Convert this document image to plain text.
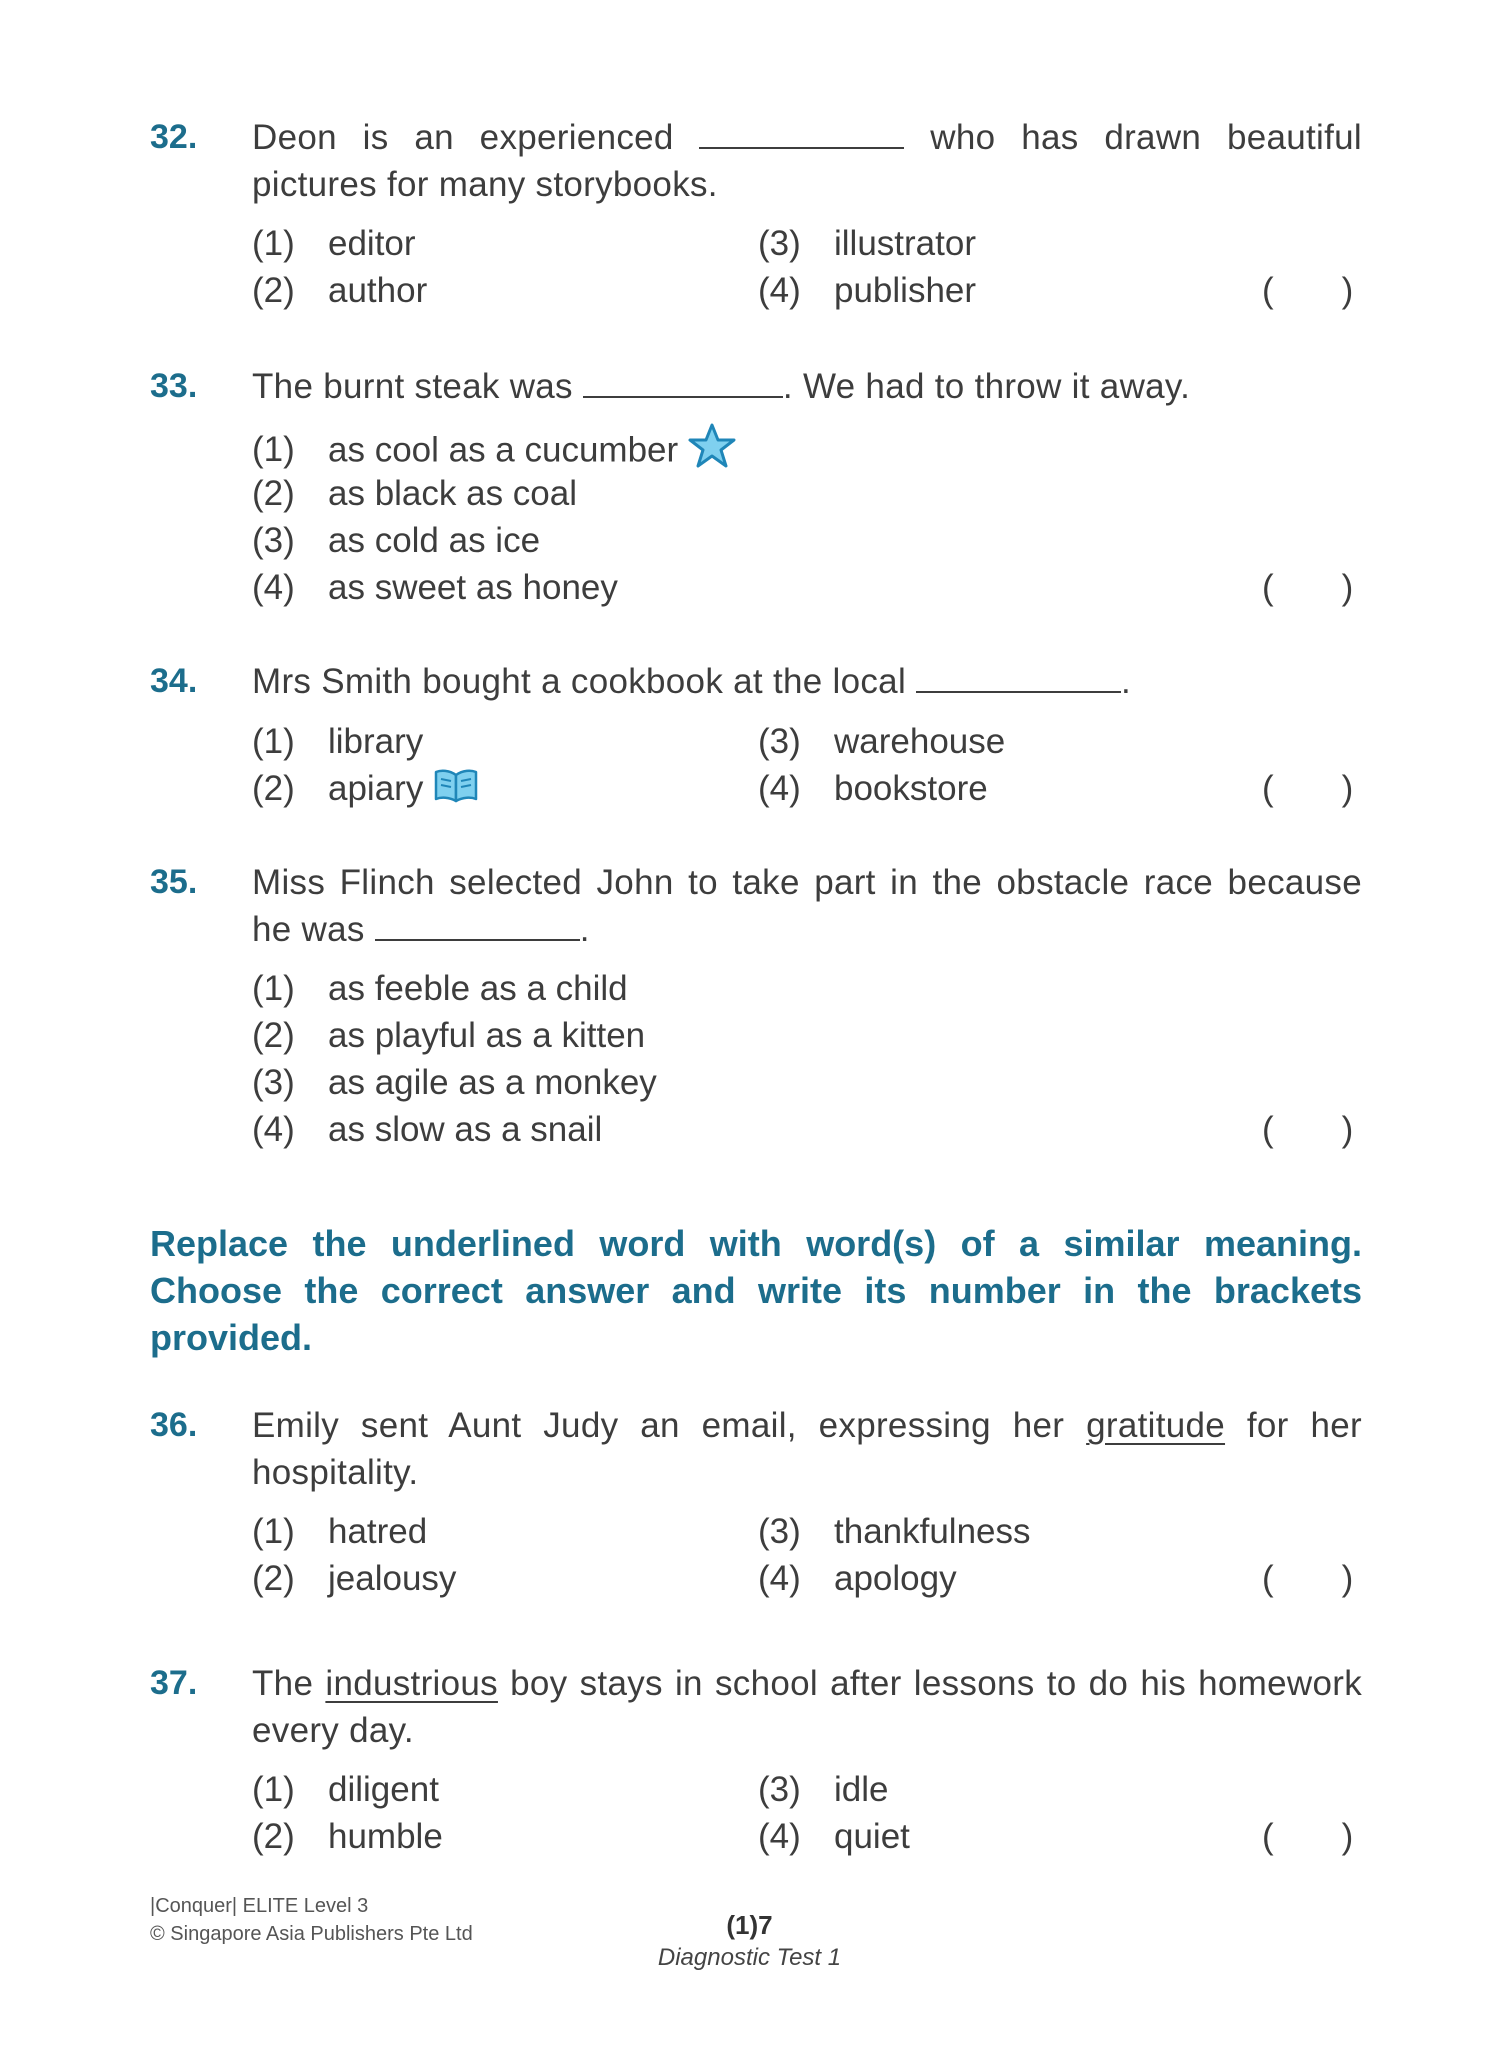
32. Deon is an experienced	who has drawn beautiful pictures for many storybooks.
(1) editor
(2) author
(3) illustrator
(4) publisher	( )
33. The burnt steak was	. We had to throw it away.
(1) as cool as a cucumber
(2) as black as coal
(3) as cold as ice
(4) as sweet as honey	( )
34. Mrs Smith bought a cookbook at the local	.
(1) library
(2) apiary
(3) warehouse
(4) bookstore	( )
35. Miss Flinch selected John to take part in the obstacle race because he was	.
(1) as feeble as a child
(2) as playful as a kitten
(3) as agile as a monkey
(4) as slow as a snail	( )
Replace the underlined word with word(s) of a similar meaning. Choose the correct answer and write its number in the brackets provided.
36. Emily sent Aunt Judy an email, expressing her gratitude for her hospitality.
(1) hatred
(2) jealousy
(3) thankfulness
(4) apology	( )
37. The industrious boy stays in school after lessons to do his homework every day.
(1) diligent
(2) humble
(3) idle
(4) quiet	( )
|Conquer| ELITE Level 3
© Singapore Asia Publishers Pte Ltd	(1)7
Diagnostic Test 1
